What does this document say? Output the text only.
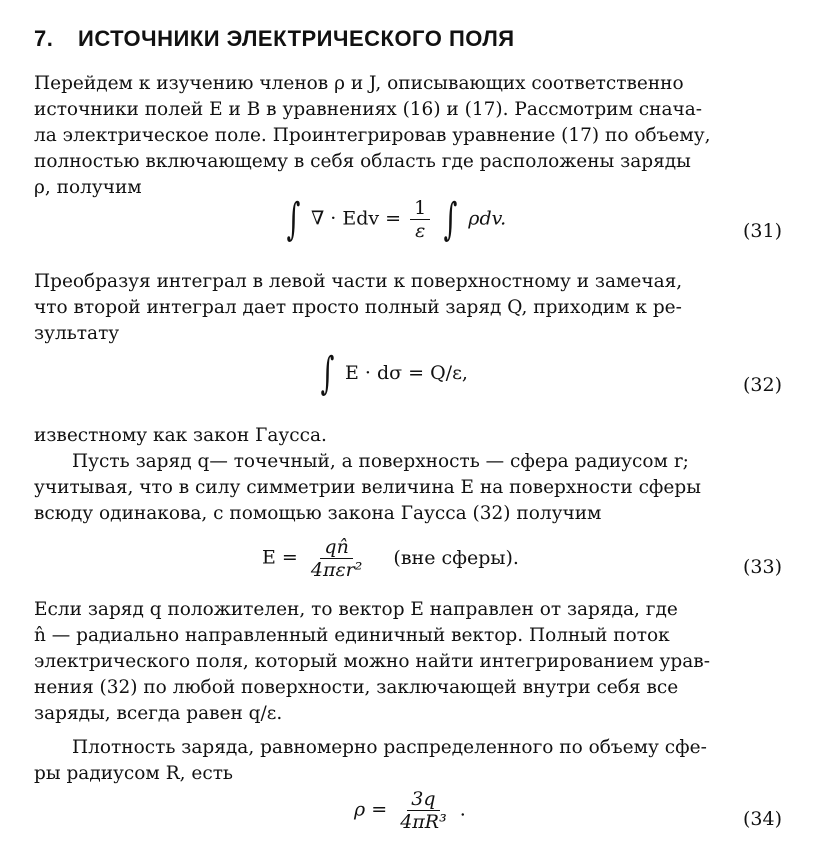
7. ИСТОЧНИКИ ЭЛЕКТРИЧЕСКОГО ПОЛЯ
Перейдем к изучению членов ρ и J, описывающих соответственно
источники полей E и B в уравнениях (16) и (17). Рассмотрим снача-
ла электрическое поле. Проинтегрировав уравнение (17) по объему,
полностью включающему в себя область где расположены заряды
ρ, получим
∫ ∇ · Edv = $\frac{1}{\varepsilon}$ ∫ ρdv.
(31)
Преобразуя интеграл в левой части к поверхностному и замечая,
что второй интеграл дает просто полный заряд Q, приходим к ре-
зультату
∫ E · dσ = Q/ε,
(32)
известному как закон Гаусса.
Пусть заряд q— точечный, а поверхность — сфера радиусом r;
учитывая, что в силу симметрии величина E на поверхности сферы
всюду одинакова, с помощью закона Гаусса (32) получим
$E = \frac{qn̂}{\text{4πεr²}} (вне$ сферы).	(33)
Если заряд q положителен, то вектор E направлен от заряда, где
n̂ — радиально направленный единичный вектор. Полный поток
электрического поля, который можно найти интегрированием урав-
нения (32) по любой поверхности, заключающей внутри себя все
заряды, всегда равен q/ε.
Плотность заряда, равномерно распределенного по объему сфе-
ры радиусом R, есть
$\rho = \frac{3q}{\text{4πR³}}$ .	(34)
